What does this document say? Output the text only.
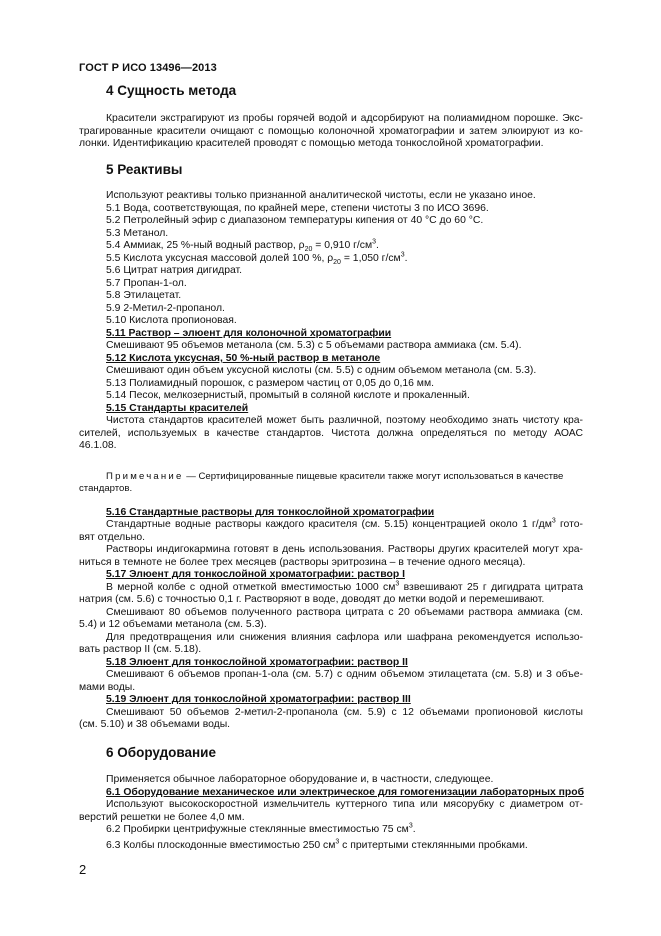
ГОСТ Р ИСО 13496—2013
4 Сущность метода
Красители экстрагируют из пробы горячей водой и адсорбируют на полиамидном порошке. Экс-
трагированные красители очищают с помощью колоночной хроматографии и затем элюируют из ко-
лонки. Идентификацию красителей проводят с помощью метода тонкослойной хроматографии.
5 Реактивы
Используют реактивы только признанной аналитической чистоты, если не указано иное.
5.1 Вода, соответствующая, по крайней мере, степени чистоты 3 по ИСО 3696.
5.2 Петролейный эфир с диапазоном температуры кипения от 40 °С до 60 °С.
5.3 Метанол.
5.4 Аммиак, 25 %-ный водный раствор, $\rho_{20} = 0,910$ $г/см^3$.
5.5 Кислота уксусная массовой долей 100 %, $\rho_{20} = 1,050$ $г/см^3$.
5.6 Цитрат натрия дигидрат.
5.7 Пропан-1-ол.
5.8 Этилацетат.
5.9 2-Метил-2-пропанол.
5.10 Кислота пропионовая.
5.11 Раствор – элюент для колоночной хроматографии
Смешивают 95 объемов метанола (см. 5.3) с 5 объемами раствора аммиака (см. 5.4).
5.12 Кислота уксусная, 50 %-ный раствор в метаноле
Смешивают один объем уксусной кислоты (см. 5.5) с одним объемом метанола (см. 5.3).
5.13 Полиамидный порошок, с размером частиц от 0,05 до 0,16 мм.
5.14 Песок, мелкозернистый, промытый в соляной кислоте и прокаленный.
5.15 Стандарты красителей
Чистота стандартов красителей может быть различной, поэтому необходимо знать чистоту кра-
сителей, используемых в качестве стандартов. Чистота должна определяться по методу АОАС
46.1.08.
Примечание — Сертифицированные пищевые красители также могут использоваться в качестве
стандартов.
5.16 Стандартные растворы для тонкослойной хроматографии
Стандартные водные растворы каждого красителя (см. 5.15) концентрацией около 1 $г/дм^3$ гото-
вят отдельно.
Растворы индигокармина готовят в день использования. Растворы других красителей могут хра-
ниться в темноте не более трех месяцев (растворы эритрозина – в течение одного месяца).
5.17 Элюент для тонкослойной хроматографии: раствор I
В мерной колбе с одной отметкой вместимостью 1000 $см^3$ взвешивают 25 г дигидрата цитрата
натрия (см. 5.6) с точностью 0,1 г. Растворяют в воде, доводят до метки водой и перемешивают.
Смешивают 80 объемов полученного раствора цитрата с 20 объемами раствора аммиака (см.
5.4) и 12 объемами метанола (см. 5.3).
Для предотвращения или снижения влияния сафлора или шафрана рекомендуется использо-
вать раствор II (см. 5.18).
5.18 Элюент для тонкослойной хроматографии: раствор II
Смешивают 6 объемов пропан-1-ола (см. 5.7) с одним объемом этилацетата (см. 5.8) и 3 объе-
мами воды.
5.19 Элюент для тонкослойной хроматографии: раствор III
Смешивают 50 объемов 2-метил-2-пропанола (см. 5.9) с 12 объемами пропионовой кислоты
(см. 5.10) и 38 объемами воды.
6 Оборудование
Применяется обычное лабораторное оборудование и, в частности, следующее.
6.1 Оборудование механическое или электрическое для гомогенизации лабораторных проб
Используют высокоскоростной измельчитель куттерного типа или мясорубку с диаметром от-
верстий решетки не более 4,0 мм.
6.2 Пробирки центрифужные стеклянные вместимостью 75 $см^3$.
6.3 Колбы плоскодонные вместимостью 250 $см^3$ с притертыми стеклянными пробками.
2
